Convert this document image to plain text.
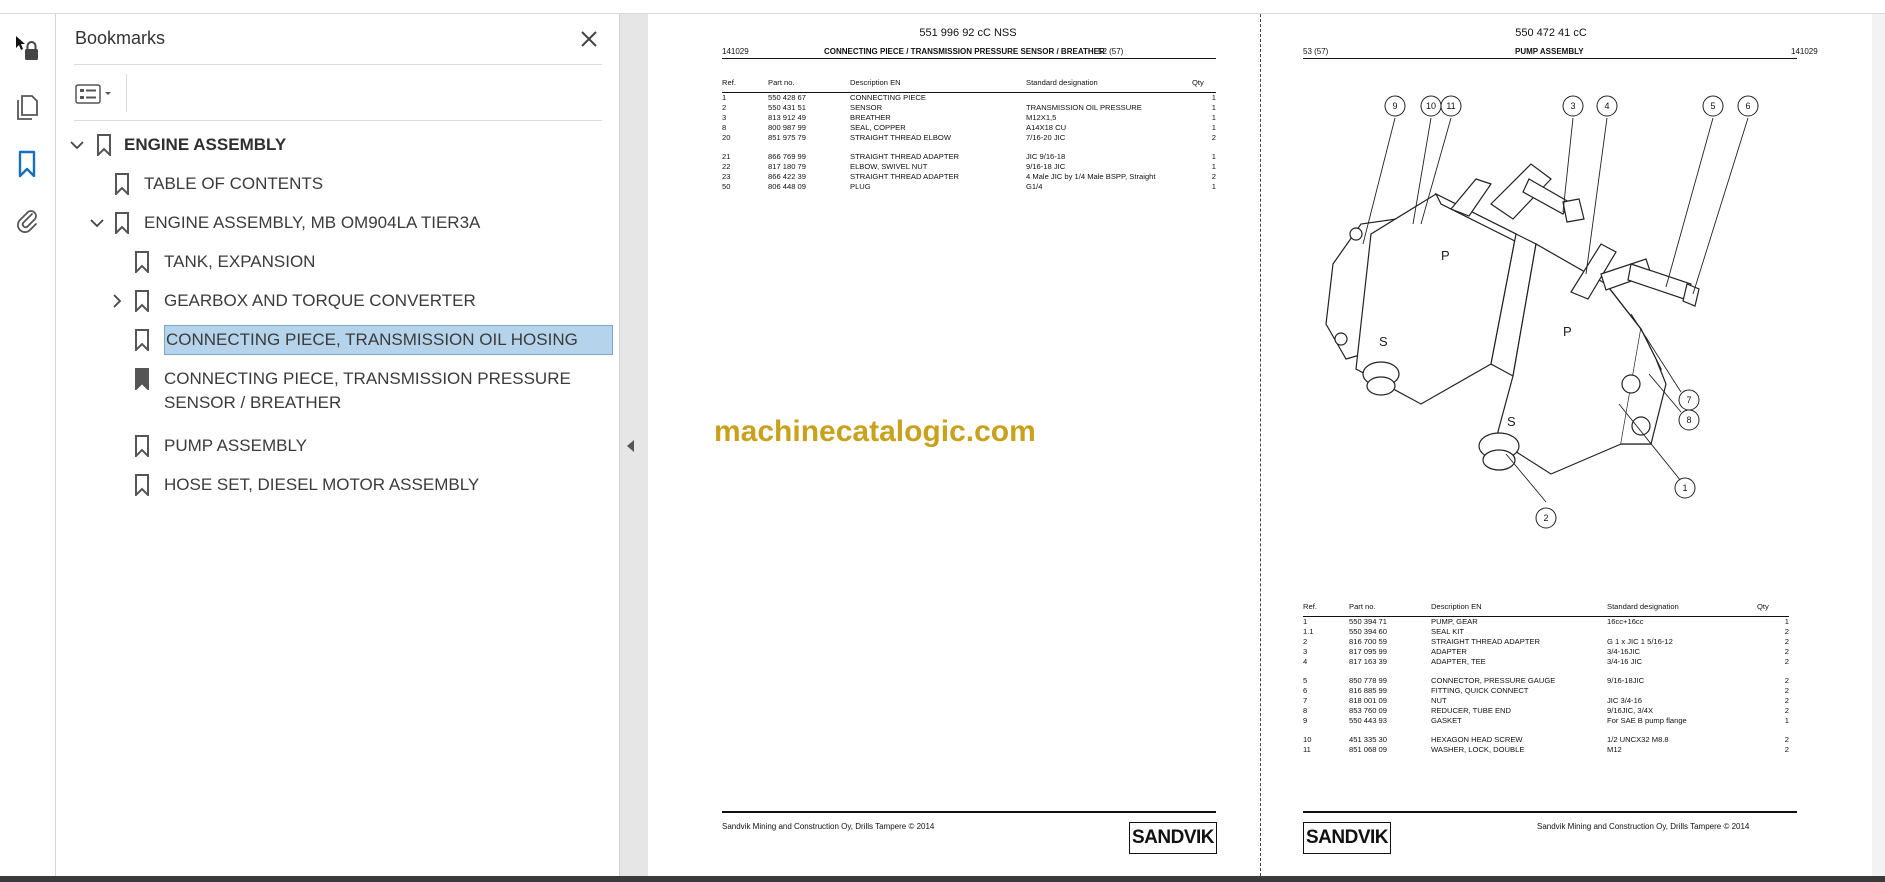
Bookmarks
ENGINE ASSEMBLY
TABLE OF CONTENTS
ENGINE ASSEMBLY, MB OM904LA TIER3A
TANK, EXPANSION
GEARBOX AND TORQUE CONVERTER
CONNECTING PIECE, TRANSMISSION OIL HOSING
CONNECTING PIECE, TRANSMISSION PRESSURE
SENSOR / BREATHER
PUMP ASSEMBLY
HOSE SET, DIESEL MOTOR ASSEMBLY
551 996 92 cC NSS
141029	CONNECTING PIECE / TRANSMISSION PRESSURE SENSOR / BREATHER
52 (57)
Ref.	Part no.	Description EN	Standard designation	Qty
1	550 428 67	CONNECTING PIECE		1
2	550 431 51	SENSOR	TRANSMISSION OIL PRESSURE	1
3	813 912 49	BREATHER	M12X1,5	1
8	800 987 99	SEAL, COPPER	A14X18 CU	1
20	851 975 79	STRAIGHT THREAD ELBOW	7/16-20 JIC	2

21	866 769 99	STRAIGHT THREAD ADAPTER	JIC 9/16-18	1
22	817 180 79	ELBOW, SWIVEL NUT	9/16-18 JIC	1
23	866 422 39	STRAIGHT THREAD ADAPTER	4 Male JIC by 1/4 Male BSPP, Straight	2
50	806 448 09	PLUG	G1/4	1
Sandvik Mining and Construction Oy, Drills Tampere © 2014
SANDVIK
550 472 41 cC
53 (57)	PUMP ASSEMBLY	141029
P
P
S
S
9	10 11	3	4	5	6
7
8
1
2
Ref.	Part no.	Description EN	Standard designation	Qty
1	550 394 71	PUMP, GEAR	16cc+16cc	1
1.1	550 394 60	SEAL KIT		2
2	816 700 59	STRAIGHT THREAD ADAPTER	G 1 x JIC 1 5/16-12	2
3	817 095 99	ADAPTER	3/4-16JIC	2
4	817 163 39	ADAPTER, TEE	3/4-16 JIC	2

5	850 778 99	CONNECTOR, PRESSURE GAUGE	9/16-18JIC	2
6	816 885 99	FITTING, QUICK CONNECT		2
7	818 001 09	NUT	JIC 3/4-16	2
8	853 760 09	REDUCER, TUBE END	9/16JIC, 3/4X	2
9	550 443 93	GASKET	For SAE B pump flange	1

10	451 335 30	HEXAGON HEAD SCREW	1/2 UNCX32 M8.8	2
11	851 068 09	WASHER, LOCK, DOUBLE	M12	2
SANDVIK
Sandvik Mining and Construction Oy, Drills Tampere © 2014
machinecatalogic.com
